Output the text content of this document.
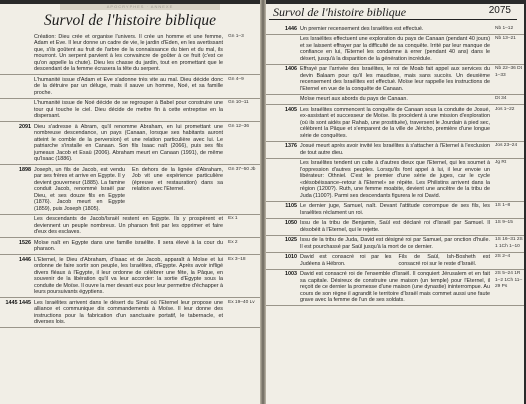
APOCRYPHES · ANNEXE
Survol de l'histoire biblique
Création: Dieu crée et organise l'univers. Il crée un homme et une femme, Adam et Eve. Il leur donne un cadre de vie, le jardin d'Eden, en les avertissant que, s'ils goûtent au fruit de l'arbre de la connaissance du bien et du mal, ils mourront. Un serpent parvient à les convaincre de goûter à ce fruit (c'est ce qu'on appelle la chute). Dieu les chasse du jardin, tout en promettant que le descendant de la femme écrasera la tête du serpent.
Gn 1–3
L'humanité issue d'Adam et Eve s'adonne très vite au mal. Dieu décide donc de la détruire par un déluge, mais il sauve un homme, Noé, et sa famille proche.
Gn 4–9
L'humanité issue de Noé décide de se regrouper à Babel pour construire une tour qui touche le ciel. Dieu décide de mettre fin à cette entreprise en la dispersant.
Gn 10–11
2091 Dieu s'adresse à Abram, qu'il renomme Abraham, en lui promettant une nombreuse descendance, un pays (Canaan, lorsque ses habitants auront atteint le comble de la perversion) et une relation particulière avec lui. Le patriarche s'installe en Canaan. Son fils Isaac naît (2066), puis ses fils jumeaux Jacob et Esaü (2006). Abraham meurt en Canaan (1991), de même qu'Isaac (1886).
Gn 12–36
1898 Joseph, un fils de Jacob, est vendu par ses frères et arrive en Egypte. Il y devient gouverneur (1885). La famine conduit Jacob, renommé Israël par Dieu, et ses douze fils en Egypte (1876). Jacob meurt en Egypte (1859), puis Joseph (1805).
En dehors de la lignée d'Abraham, Job vit une expérience particulière (épreuve et restauration) dans sa relation avec l'Eternel.
Gn 37–50 Jb
Les descendants de Jacob/Israël restent en Egypte. Ils y prospèrent et deviennent un peuple nombreux. Un pharaon finit par les opprimer et faire d'eux des esclaves.
Ex 1
1526 Moïse naît en Egypte dans une famille israélite. Il sera élevé à la cour du pharaon.
Ex 2
1446 L'Eternel, le Dieu d'Abraham, d'Isaac et de Jacob, apparaît à Moïse et lui ordonne de faire sortir son peuple, les Israélites, d'Egypte. Après avoir infligé divers fléaux à l'Egypte, il leur ordonne de célébrer une fête, la Pâque, en souvenir de la libération qu'il va leur accorder: la sortie d'Egypte sous la conduite de Moïse. Il ouvre la mer devant eux pour leur permettre d'échapper à leurs poursuivants égyptiens.
Ex 3–18
1445 1445 Les Israélites arrivent dans le désert du Sinaï où l'Eternel leur propose une alliance et communique dix commandements à Moïse. Il leur donne des instructions pour la fabrication d'un sanctuaire portatif, le tabernacle, et diverses lois.
Ex 19–40 Lv
Survol de l'histoire biblique	2075
1446 Un premier recensement des Israélites est effectué.	Nb 1–12
Les Israélites effectuent une exploration du pays de Canaan (pendant 40 jours) et se laissent effrayer par la difficulté de sa conquête. Irrité par leur manque de confiance en lui, l'Eternel les condamne à errer (pendant 40 ans) dans le désert, jusqu'à la disparition de la génération incrédule.
Nb 13–21
1406 Effrayé par l'arrivée des Israélites, le roi de Moab fait appel aux services du devin Balaam pour qu'il les maudisse, mais sans succès. Un deuxième recensement des Israélites est effectué. Moïse leur rappelle les instructions de l'Eternel en vue de la conquête de Canaan.
Nb 22–36 Dt 1–33
Moïse meurt aux abords du pays de Canaan.	Dt 34
1405 Les Israélites commencent la conquête de Canaan sous la conduite de Josué, ex-assistant et successeur de Moïse. Ils procèdent à une mission d'exploration (où ils sont aidés par Rahab, une prostituée), traversent le Jourdain à pied sec, célèbrent la Pâque et s'emparent de la ville de Jéricho, première d'une longue série de conquêtes.
Jos 1–22
1376 Josué meurt après avoir invité les Israélites à s'attacher à l'Eternel à l'exclusion de tout autre dieu.
Jos 23–24
Les Israélites tendent un culte à d'autres dieux que l'Eternel, qui les soumet à l'oppression d'autres peuples. Lorsqu'ils font appel à lui, il leur envoie un libérateur: Othniel. C'est le premier d'une série de juges, car le cycle «désobéissance–retour à l'Eternel» se répète. Les Philistins arrivent dans la région (1200?). Ruth, une femme moabite, devient une ancêtre de la tribu de Juda (1100?). Parmi ses descendants figurera le roi David.
Jg Rt
1105 Le dernier juge, Samuel, naît. Devant l'attitude corrompue de ses fils, les Israélites réclament un roi.
1S 1–8
1050 Issu de la tribu de Benjamin, Saül est déclaré roi d'Israël par Samuel. Il désobéit à l'Eternel, qui le rejette.
1S 9–15
1025 Issu de la tribu de Juda, David est désigné roi par Samuel, par onction d'huile. Il est pourchassé par Saül jusqu'à la mort de ce dernier.
1S 16–31 2S 1 1Ch 1–10
1010 David est consacré roi par les Judéens à Hébron.
Fils de Saül, Ish-Bosheth est consacré roi sur le reste d'Israël.
2S 2–4
1003 David est consacré roi de l'ensemble d'Israël. Il conquiert Jérusalem et en fait sa capitale. Désireux de construire une maison (un temple) pour l'Eternel, il reçoit de ce dernier la promesse d'une maison (une dynastie) ininterrompue. Au cours de son règne il agrandit le territoire d'Israël mais commet aussi une faute grave avec la femme de l'un de ses soldats.
2S 5–24 1R 1–2 1Ch 11–29 Ps
